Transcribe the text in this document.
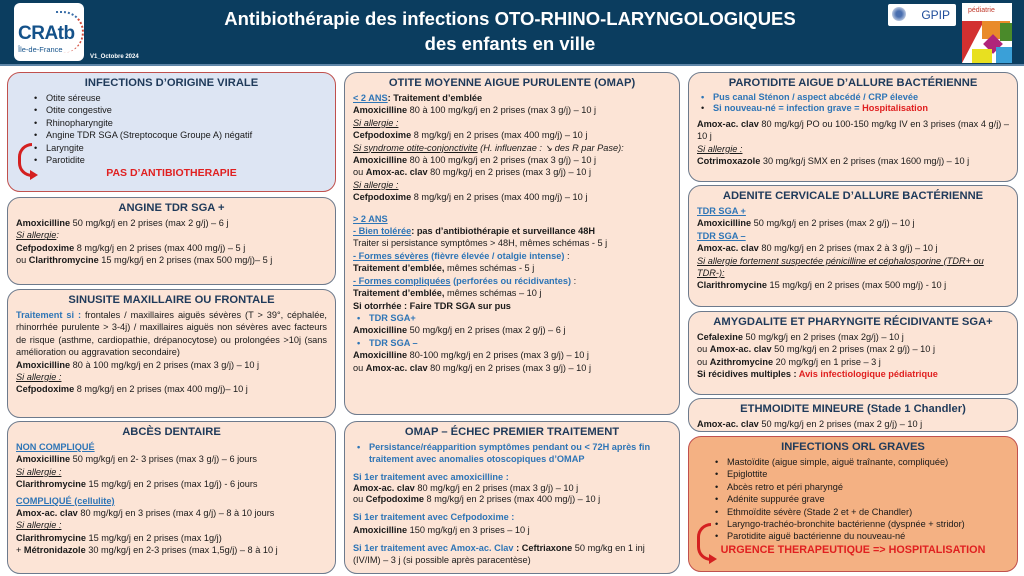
CRAtb
Île-de-France
V1_Octobre 2024
Antibiothérapie des infections OTO-RHINO-LARYNGOLOGIQUES
des enfants en ville
GPIP	pédiatrie
INFECTIONS D’ORIGINE VIRALE
• Otite séreuse
• Otite congestive
• Rhinopharyngite
• Angine TDR SGA (Streptocoque Groupe A) négatif
• Laryngite
• Parotidite
PAS D’ANTIBIOTHERAPIE
ANGINE TDR SGA +
Amoxicilline 50 mg/kg/j en 2 prises (max 2 g/j) – 6 j
Si allergie:
Cefpodoxime 8 mg/kg/j en 2 prises (max 400 mg/j) – 5 j
ou Clarithromycine 15 mg/kg/j en 2 prises (max 500 mg/j)– 5 j
SINUSITE MAXILLAIRE OU FRONTALE
Traitement si : frontales / maxillaires aiguës sévères (T > 39°, céphalée, rhinorrhée purulente > 3-4j) / maxillaires aiguës non sévères avec facteurs de risque (asthme, cardiopathie, drépanocytose) ou prolongées >10j (sans amélioration ou aggravation secondaire)
Amoxicilline 80 à 100 mg/kg/j en 2 prises (max 3 g/j) – 10 j
Si allergie :
Cefpodoxime 8 mg/kg/j en 2 prises (max 400 mg/j)– 10 j
ABCÈS DENTAIRE
NON COMPLIQUÉ
Amoxicilline 50 mg/kg/j en 2- 3 prises (max 3 g/j) – 6 jours
Si allergie :
Clarithromycine 15 mg/kg/j en 2 prises (max 1g/j) - 6 jours
COMPLIQUÉ (cellulite)
Amox-ac. clav 80 mg/kg/j en 3 prises (max 4 g/j) – 8 à 10 jours
Si allergie :
Clarithromycine 15 mg/kg/j en 2 prises (max 1g/j)
+ Métronidazole 30 mg/kg/j en 2-3 prises (max 1,5g/j) – 8 à 10 j
OTITE MOYENNE AIGUE PURULENTE (OMAP)
< 2 ANS: Traitement d’emblée
Amoxicilline 80 à 100 mg/kg/j en 2 prises (max 3 g/j) – 10 j
Si allergie :
Cefpodoxime 8 mg/kg/j en 2 prises (max 400 mg/j) – 10 j
Si syndrome otite-conjonctivite (H. influenzae : ↘ des R par Pase):
Amoxicilline 80 à 100 mg/kg/j en 2 prises (max 3 g/j) – 10 j
ou Amox-ac. clav 80 mg/kg/j en 2 prises (max 3 g/j) – 10 j
Si allergie :
Cefpodoxime 8 mg/kg/j en 2 prises (max 400 mg/j) – 10 j
> 2 ANS
- Bien tolérée: pas d’antibiothérapie et surveillance 48H
Traiter si persistance symptômes > 48H, mêmes schémas - 5 j
- Formes sévères (fièvre élevée / otalgie intense) :
Traitement d’emblée, mêmes schémas - 5 j
- Formes compliquées (perforées ou récidivantes) :
Traitement d’emblée, mêmes schémas – 10 j
Si otorrhée : Faire TDR SGA sur pus
• TDR SGA+
Amoxicilline 50 mg/kg/j en 2 prises (max 2 g/j) – 6 j
• TDR SGA –
Amoxicilline 80-100 mg/kg/j en 2 prises (max 3 g/j) – 10 j
ou Amox-ac. clav 80 mg/kg/j en 2 prises (max 3 g/j) – 10 j
OMAP – ÉCHEC PREMIER TRAITEMENT
• Persistance/réapparition symptômes pendant ou < 72H après fin traitement avec anomalies otoscopiques d’OMAP
Si 1er traitement avec amoxicilline :
Amox-ac. clav 80 mg/kg/j en 2 prises (max 3 g/j) – 10 j
ou Cefpodoxime 8 mg/kg/j en 2 prises (max 400 mg/j) – 10 j
Si 1er traitement avec Cefpodoxime :
Amoxicilline 150 mg/kg/j en 3 prises – 10 j
Si 1er traitement avec Amox-ac. Clav : Ceftriaxone 50 mg/kg en 1 inj (IV/IM) – 3 j (si possible après paracentèse)
PAROTIDITE AIGUE D’ALLURE BACTÉRIENNE
• Pus canal Sténon / aspect abcédé / CRP élevée
• Si nouveau-né = infection grave = Hospitalisation
Amox-ac. clav 80 mg/kg/j PO ou 100-150 mg/kg IV en 3 prises (max 4 g/j) –10 j
Si allergie :
Cotrimoxazole 30 mg/kg/j SMX en 2 prises (max 1600 mg/j) – 10 j
ADENITE CERVICALE D’ALLURE BACTÉRIENNE
TDR SGA +
Amoxicilline 50 mg/kg/j en 2 prises (max 2 g/j) – 10 j
TDR SGA –
Amox-ac. clav 80 mg/kg/j en 2 prises (max 2 à 3 g/j) – 10 j
Si allergie fortement suspectée pénicilline et céphalosporine (TDR+ ou TDR-):
Clarithromycine 15 mg/kg/j en 2 prises (max 500 mg/j) - 10 j
AMYGDALITE ET PHARYNGITE RÉCIDIVANTE SGA+
Cefalexine 50 mg/kg/j en 2 prises (max 2g/j) – 10 j
ou Amox-ac. clav 50 mg/kg/j en 2 prises (max 2 g/j) – 10 j
ou Azithromycine 20 mg/kg/j en 1 prise – 3 j
Si récidives multiples : Avis infectiologique pédiatrique
ETHMOIDITE MINEURE (Stade 1 Chandler)
Amox-ac. clav 50 mg/kg/j en 2 prises (max 2 g/j) – 10 j
INFECTIONS ORL GRAVES
• Mastoïdite (aigue simple, aiguë traînante, compliquée)
• Epiglottite
• Abcès retro et péri pharyngé
• Adénite suppurée grave
• Ethmoïdite sévère (Stade 2 et + de Chandler)
• Laryngo-trachéo-bronchite bactérienne (dyspnée + stridor)
• Parotidite aiguë bactérienne du nouveau-né
URGENCE THERAPEUTIQUE => HOSPITALISATION
